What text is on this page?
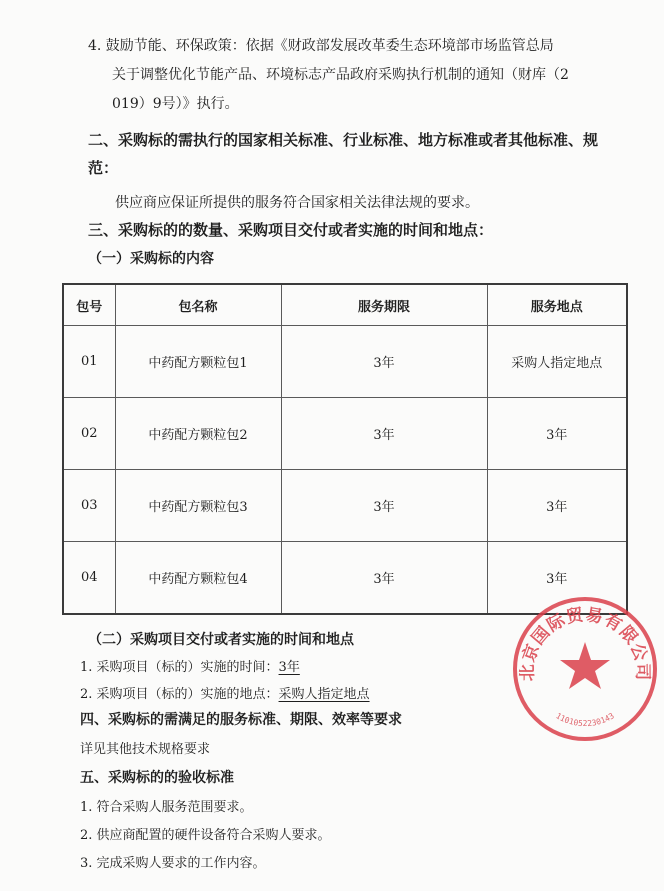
4. 鼓励节能、环保政策：依据《财政部发展改革委生态环境部市场监管总局

关于调整优化节能产品、环境标志产品政府采购执行机制的通知（财库（2

019）9号）》执行。

二、采购标的需执行的国家相关标准、行业标准、地方标准或者其他标准、规

范：

供应商应保证所提供的服务符合国家相关法律法规的要求。

三、采购标的的数量、采购项目交付或者实施的时间和地点：

（一）采购标的内容

包号	包名称	服务期限	服务地点
01	中药配方颗粒包1	3年	采购人指定地点
02	中药配方颗粒包2	3年	3年
03	中药配方颗粒包3	3年	3年
04	中药配方颗粒包4	3年	3年

（二）采购项目交付或者实施的时间和地点

1. 采购项目（标的）实施的时间：3年

2. 采购项目（标的）实施的地点：采购人指定地点

四、采购标的需满足的服务标准、期限、效率等要求

详见其他技术规格要求

五、采购标的的验收标准

1. 符合采购人服务范围要求。

2. 供应商配置的硬件设备符合采购人要求。

3. 完成采购人要求的工作内容。

北京国际贸易有限公司
1101052230143
